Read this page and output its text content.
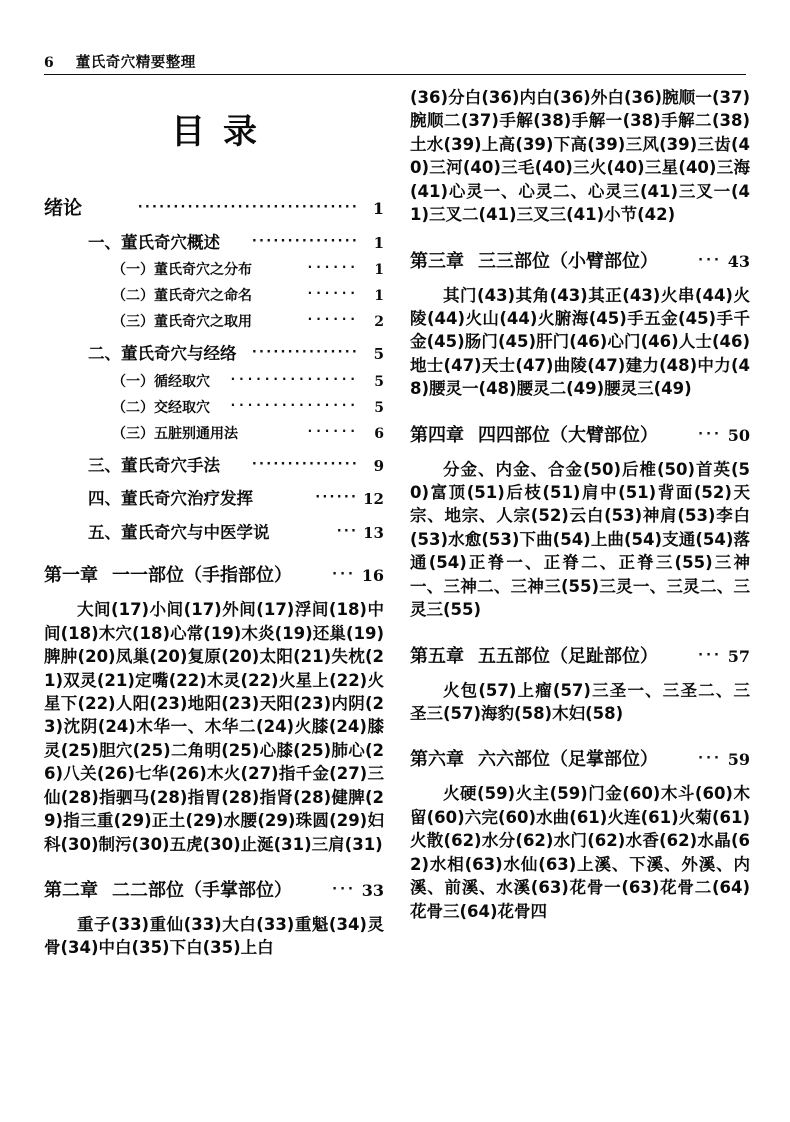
6 董氏奇穴精要整理
目录
绪论	······························· 1
一、董氏奇穴概述	··············· 1
（一）董氏奇穴之分布	······	1
（二）董氏奇穴之命名	······	1
（三）董氏奇穴之取用	······	2
二、董氏奇穴与经络	··············· 5
（一）循经取穴	···············	5
（二）交经取穴	···············	5
（三）五脏别通用法	······	6
三、董氏奇穴手法	··············· 9
四、董氏奇穴治疗发挥	······ 12
五、董氏奇穴与中医学说	··· 13
第一章 一一部位（手指部位）	··· 16
大间(17)小间(17)外间(17)浮间(18)中间(18)木穴(18)心常(19)木炎(19)还巢(19)脾肿(20)凤巢(20)复原(20)太阳(21)失枕(21)双灵(21)定嘴(22)木灵(22)火星上(22)火星下(22)人阳(23)地阳(23)天阳(23)内阴(23)沈阴(24)木华一、木华二(24)火膝(24)膝灵(25)胆穴(25)二角明(25)心膝(25)肺心(26)八关(26)七华(26)木火(27)指千金(27)三仙(28)指驷马(28)指胃(28)指肾(28)健脾(29)指三重(29)正土(29)水腰(29)珠圆(29)妇科(30)制污(30)五虎(30)止涎(31)三肩(31)
第二章 二二部位（手掌部位）	··· 33
重子(33)重仙(33)大白(33)重魁(34)灵骨(34)中白(35)下白(35)上白
(36)分白(36)内白(36)外白(36)腕顺一(37)腕顺二(37)手解(38)手解一(38)手解二(38)土水(39)上高(39)下高(39)三风(39)三齿(40)三河(40)三毛(40)三火(40)三星(40)三海(41)心灵一、心灵二、心灵三(41)三叉一(41)三叉二(41)三叉三(41)小节(42)
第三章 三三部位（小臂部位）	··· 43
其门(43)其角(43)其正(43)火串(44)火陵(44)火山(44)火腑海(45)手五金(45)手千金(45)肠门(45)肝门(46)心门(46)人士(46)地士(47)天士(47)曲陵(47)建力(48)中力(48)腰灵一(48)腰灵二(49)腰灵三(49)
第四章 四四部位（大臂部位）	··· 50
分金、内金、合金(50)后椎(50)首英(50)富顶(51)后枝(51)肩中(51)背面(52)天宗、地宗、人宗(52)云白(53)神肩(53)李白(53)水愈(53)下曲(54)上曲(54)支通(54)落通(54)正脊一、正脊二、正脊三(55)三神一、三神二、三神三(55)三灵一、三灵二、三灵三(55)
第五章 五五部位（足趾部位）	··· 57
火包(57)上瘤(57)三圣一、三圣二、三圣三(57)海豹(58)木妇(58)
第六章 六六部位（足掌部位）	··· 59
火硬(59)火主(59)门金(60)木斗(60)木留(60)六完(60)水曲(61)火连(61)火菊(61)火散(62)水分(62)水门(62)水香(62)水晶(62)水相(63)水仙(63)上溪、下溪、外溪、内溪、前溪、水溪(63)花骨一(63)花骨二(64)花骨三(64)花骨四
